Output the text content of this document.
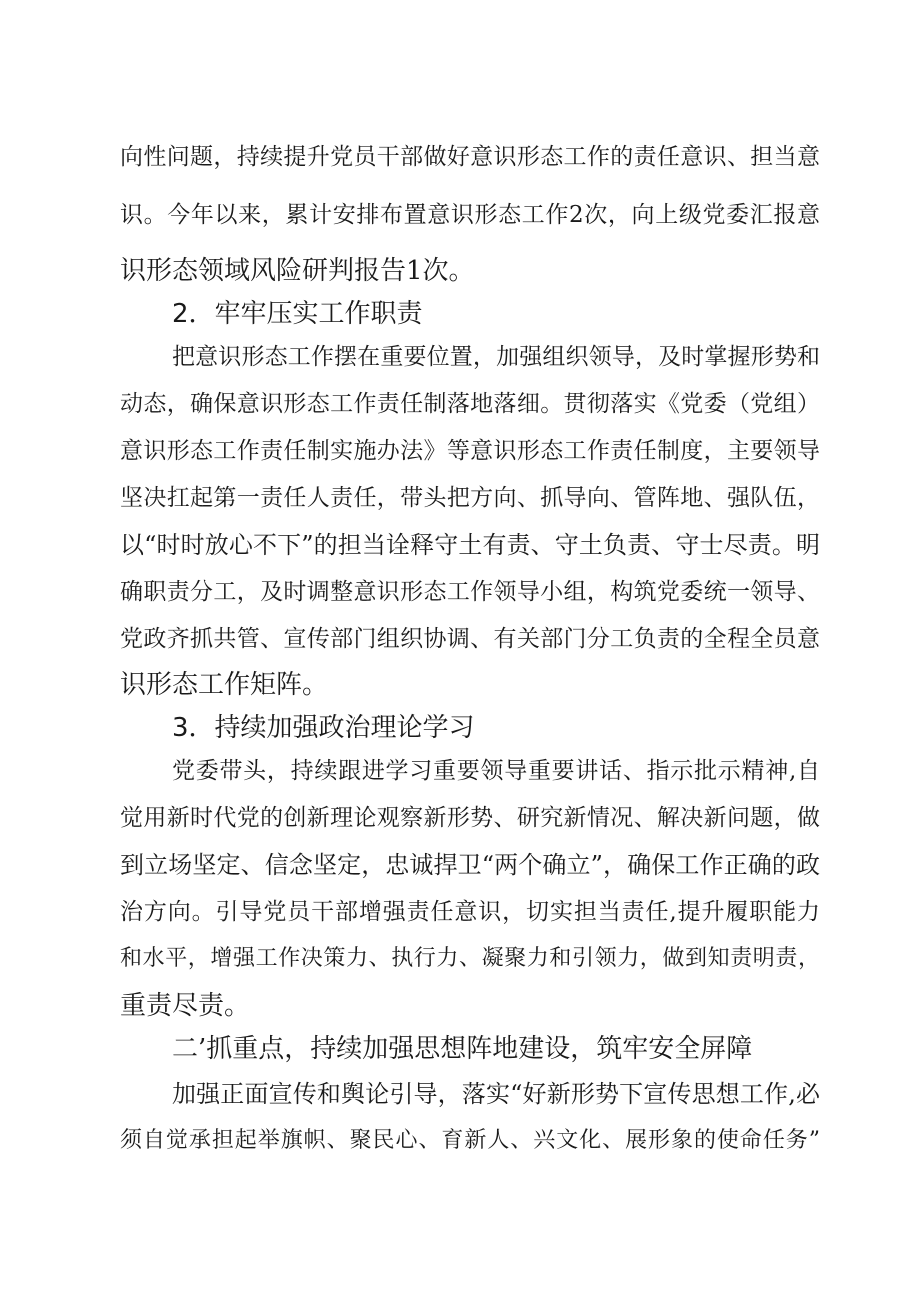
向性问题，持续提升党员干部做好意识形态工作的责任意识、担当意
识。今年以来，累计安排布置意识形态工作2次，向上级党委汇报意
识形态领域风险研判报告1次。
2．牢牢压实工作职责
把意识形态工作摆在重要位置，加强组织领导，及时掌握形势和
动态，确保意识形态工作责任制落地落细。贯彻落实《党委（党组）
意识形态工作责任制实施办法》等意识形态工作责任制度，主要领导
坚决扛起第一责任人责任，带头把方向、抓导向、管阵地、强队伍，
以“时时放心不下”的担当诠释守土有责、守土负责、守士尽责。明
确职责分工，及时调整意识形态工作领导小组，构筑党委统一领导、
党政齐抓共管、宣传部门组织协调、有关部门分工负责的全程全员意
识形态工作矩阵。
3．持续加强政治理论学习
党委带头，持续跟进学习重要领导重要讲话、指示批示精神,自
觉用新时代党的创新理论观察新形势、研究新情况、解决新问题，做
到立场坚定、信念坚定，忠诚捍卫“两个确立”，确保工作正确的政
治方向。引导党员干部增强责任意识，切实担当责任,提升履职能力
和水平，增强工作决策力、执行力、凝聚力和引领力，做到知责明责，
重责尽责。
二’抓重点，持续加强思想阵地建设，筑牢安全屏障
加强正面宣传和舆论引导，落实“好新形势下宣传思想工作,必
须自觉承担起举旗帜、聚民心、育新人、兴文化、展形象的使命任务”
